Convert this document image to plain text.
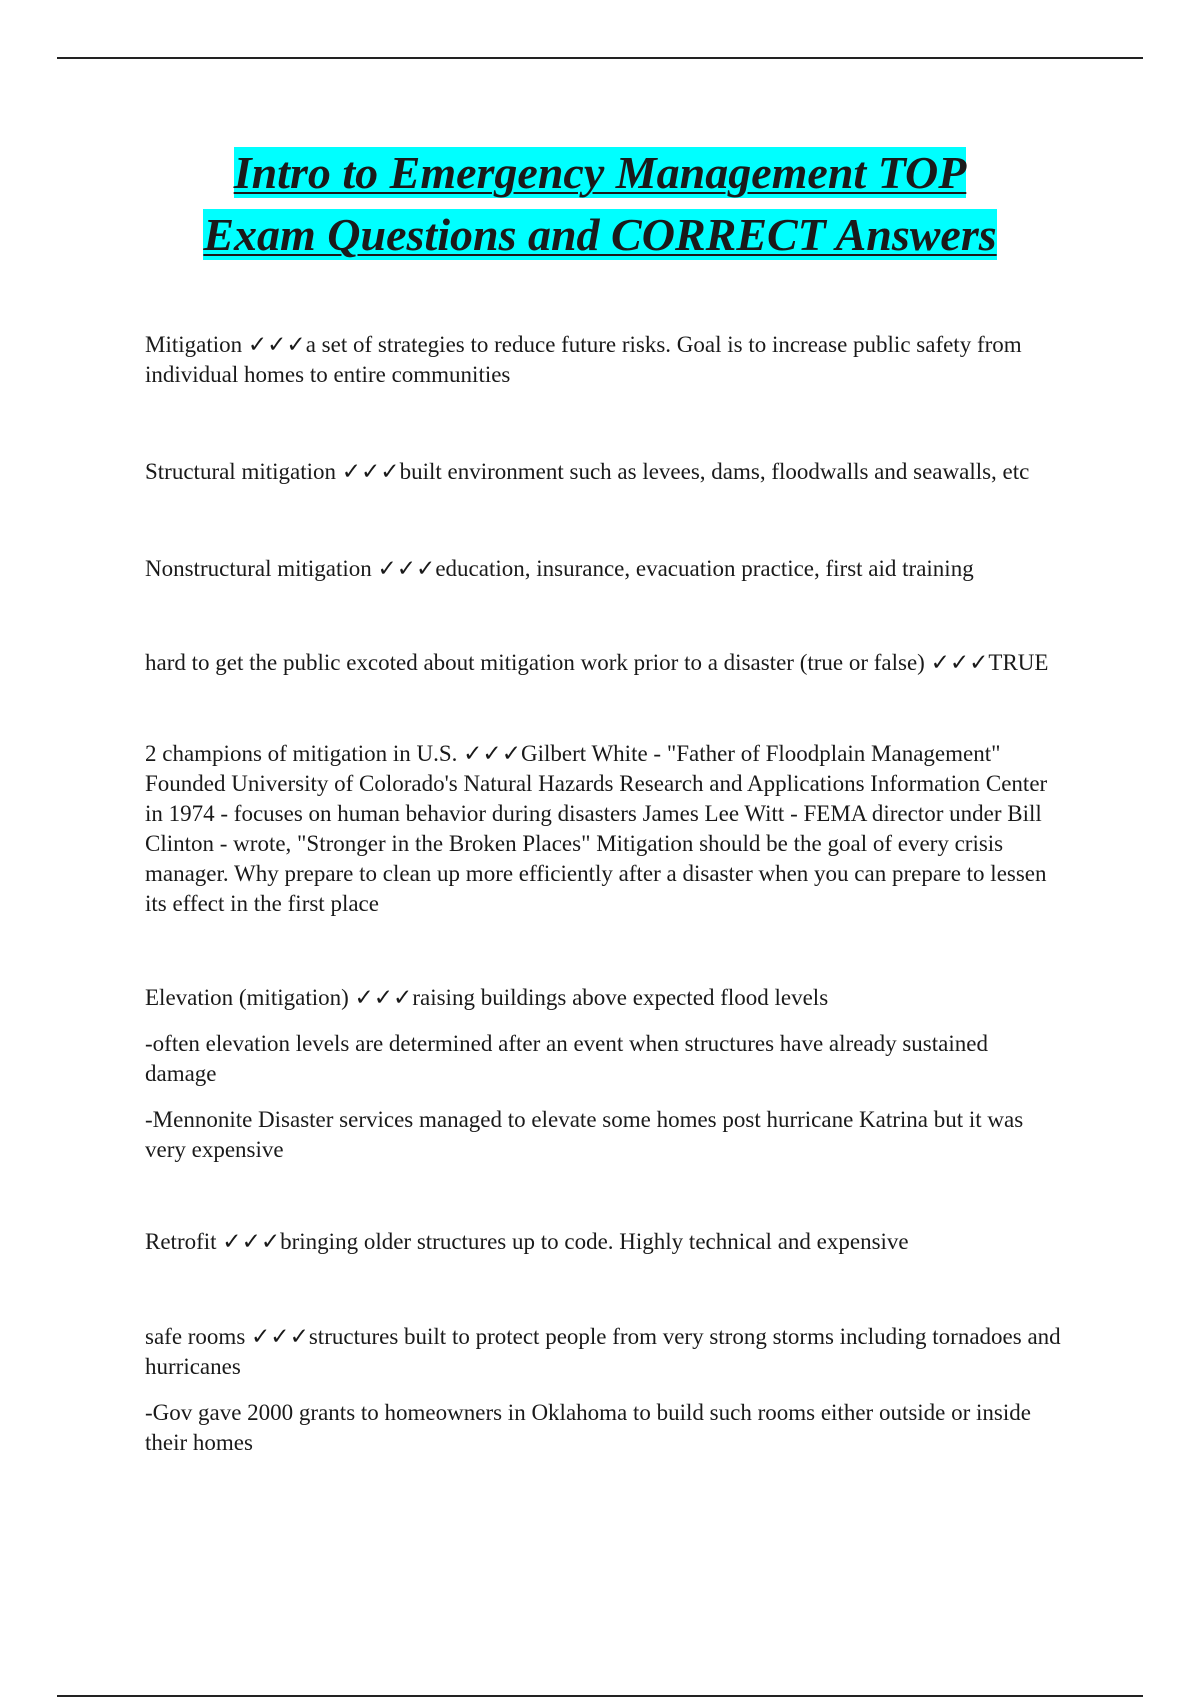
Intro to Emergency Management TOP
Exam Questions and CORRECT Answers

Mitigation ✓✓✓a set of strategies to reduce future risks. Goal is to increase public safety from individual homes to entire communities

Structural mitigation ✓✓✓built environment such as levees, dams, floodwalls and seawalls, etc

Nonstructural mitigation ✓✓✓education, insurance, evacuation practice, first aid training

hard to get the public excoted about mitigation work prior to a disaster (true or false) ✓✓✓TRUE

2 champions of mitigation in U.S. ✓✓✓Gilbert White - "Father of Floodplain Management" Founded University of Colorado's Natural Hazards Research and Applications Information Center in 1974 - focuses on human behavior during disasters James Lee Witt - FEMA director under Bill Clinton - wrote, "Stronger in the Broken Places" Mitigation should be the goal of every crisis manager. Why prepare to clean up more efficiently after a disaster when you can prepare to lessen its effect in the first place

Elevation (mitigation) ✓✓✓raising buildings above expected flood levels

-often elevation levels are determined after an event when structures have already sustained damage

-Mennonite Disaster services managed to elevate some homes post hurricane Katrina but it was very expensive

Retrofit ✓✓✓bringing older structures up to code. Highly technical and expensive

safe rooms ✓✓✓structures built to protect people from very strong storms including tornadoes and hurricanes

-Gov gave 2000 grants to homeowners in Oklahoma to build such rooms either outside or inside their homes
